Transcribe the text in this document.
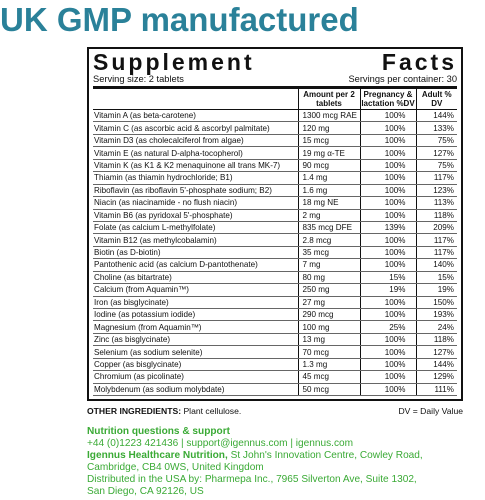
UK GMP manufactured
Supplement	Facts
Serving size: 2 tablets	Servings per container: 30
	Amount per 2 tablets	Pregnancy & lactation %DV	Adult % DV
Vitamin A (as beta-carotene)	1300 mcg RAE	100%	144%
Vitamin C (as ascorbic acid & ascorbyl palmitate)	120 mg	100%	133%
Vitamin D3 (as cholecalciferol from algae)	15 mcg	100%	75%
Vitamin E (as natural D-alpha-tocopherol)	19 mg α-TE	100%	127%
Vitamin K (as K1 & K2 menaquinone all trans MK-7)	90 mcg	100%	75%
Thiamin (as thiamin hydrochloride; B1)	1.4 mg	100%	117%
Riboflavin (as riboflavin 5'-phosphate sodium; B2)	1.6 mg	100%	123%
Niacin (as niacinamide - no flush niacin)	18 mg NE	100%	113%
Vitamin B6 (as pyridoxal 5'-phosphate)	2 mg	100%	118%
Folate (as calcium L-methylfolate)	835 mcg DFE	139%	209%
Vitamin B12 (as methylcobalamin)	2.8 mcg	100%	117%
Biotin (as D-biotin)	35 mcg	100%	117%
Pantothenic acid (as calcium D-pantothenate)	7 mg	100%	140%
Choline (as bitartrate)	80 mg	15%	15%
Calcium (from Aquamin™)	250 mg	19%	19%
Iron (as bisglycinate)	27 mg	100%	150%
Iodine (as potassium iodide)	290 mcg	100%	193%
Magnesium (from Aquamin™)	100 mg	25%	24%
Zinc (as bisglycinate)	13 mg	100%	118%
Selenium (as sodium selenite)	70 mcg	100%	127%
Copper (as bisglycinate)	1.3 mg	100%	144%
Chromium (as picolinate)	45 mcg	100%	129%
Molybdenum (as sodium molybdate)	50 mcg	100%	111%
OTHER INGREDIENTS: Plant cellulose.	DV = Daily Value
Nutrition questions & support
+44 (0)1223 421436 | support@igennus.com | igennus.com
Igennus Healthcare Nutrition, St John's Innovation Centre, Cowley Road,
Cambridge, CB4 0WS, United Kingdom
Distributed in the USA by: Pharmepa Inc., 7965 Silverton Ave, Suite 1302,
San Diego, CA 92126, US
